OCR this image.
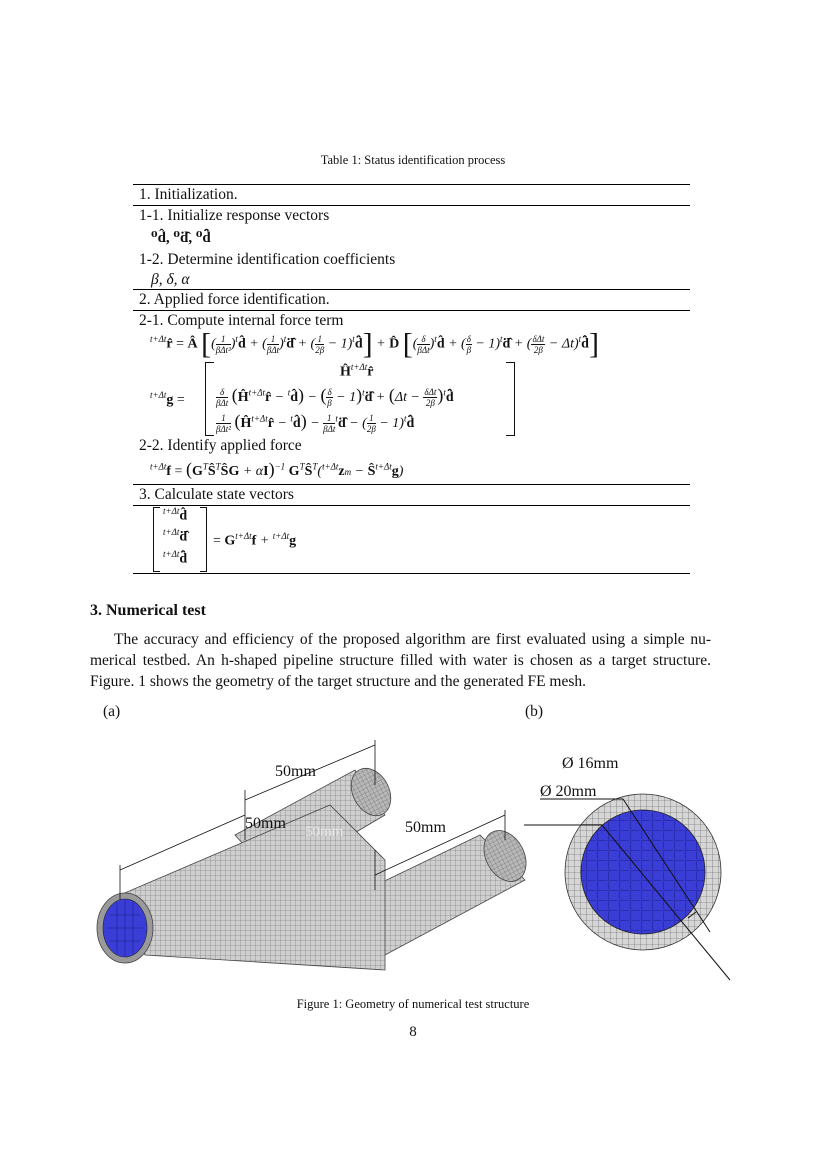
Table 1: Status identification process
1. Initialization.
1-1. Initialize response vectors
⁰d̂, ⁰ḋ̂, ⁰d̈̂
1-2. Determine identification coefficients
β, δ, α
2. Applied force identification.
2-1. Compute internal force term
$^{t+\Delta t}$r̂ = Â [( $\frac{1}{\text{βΔt²}}$ )$^t$d̂ + ( $\frac{1}{\text{βΔt}}$ )$^t$ḋ̂ + ( $\frac{1}{2\beta}$ − 1)$^t$d̈̂] + D̂ [( $\frac{\delta}{\text{βΔt}}$ )$^t$d̂ + ( $\frac{\delta}{\beta}$ − 1)$^t$ḋ̂ + ( $\frac{\text{δΔt}}{2\beta}$ − Δt)$^t$d̈̂]
$^{t+\Delta t}$g =
$Ĥ^{t+\Delta t}r̂$
$\frac{\delta}{\text{βΔt}}$ ($Ĥ^{t+\Delta t}r̂$ − $^t$d̂) − ( $\frac{\delta}{\beta}$ − 1)$^t$ḋ̂ + ($\Delta t - \frac{\text{δΔt}}{2\beta}$ )$^td̈̂$
$\frac{1}{\text{βΔt²}}$ ($Ĥ^{t+\Delta t}r̂$ − $^t$d̂) − $\frac{1}{\text{βΔt}}$ $^t$ḋ̂ − ( $\frac{1}{2\beta}$ − 1)$^t$d̈̂
2-2. Identify applied force
$^{t+\Delta t}f = (G^TŜ^TŜG + \alpha I)^{-1}$ $G^TŜ^T(^{t+\Delta t}zm$ − $Ŝ^{t+\Delta t}g$)
3. Calculate state vectors
$^{t+\Delta t}$d̂
$^{t+\Delta t}$ḋ̂
$^{t+\Delta t}$d̈̂
= $G^{t+\Delta t}f + ^{t+\Delta t}g$
3. Numerical test
The accuracy and efficiency of the proposed algorithm are first evaluated using a simple nu-
merical testbed. An h-shaped pipeline structure filled with water is chosen as a target structure.
Figure. 1 shows the geometry of the target structure and the generated FE mesh.
(a)	(b)
50mm
50mm
50mm	50mm
Ø 16mm
Ø 20mm
Figure 1: Geometry of numerical test structure
8
